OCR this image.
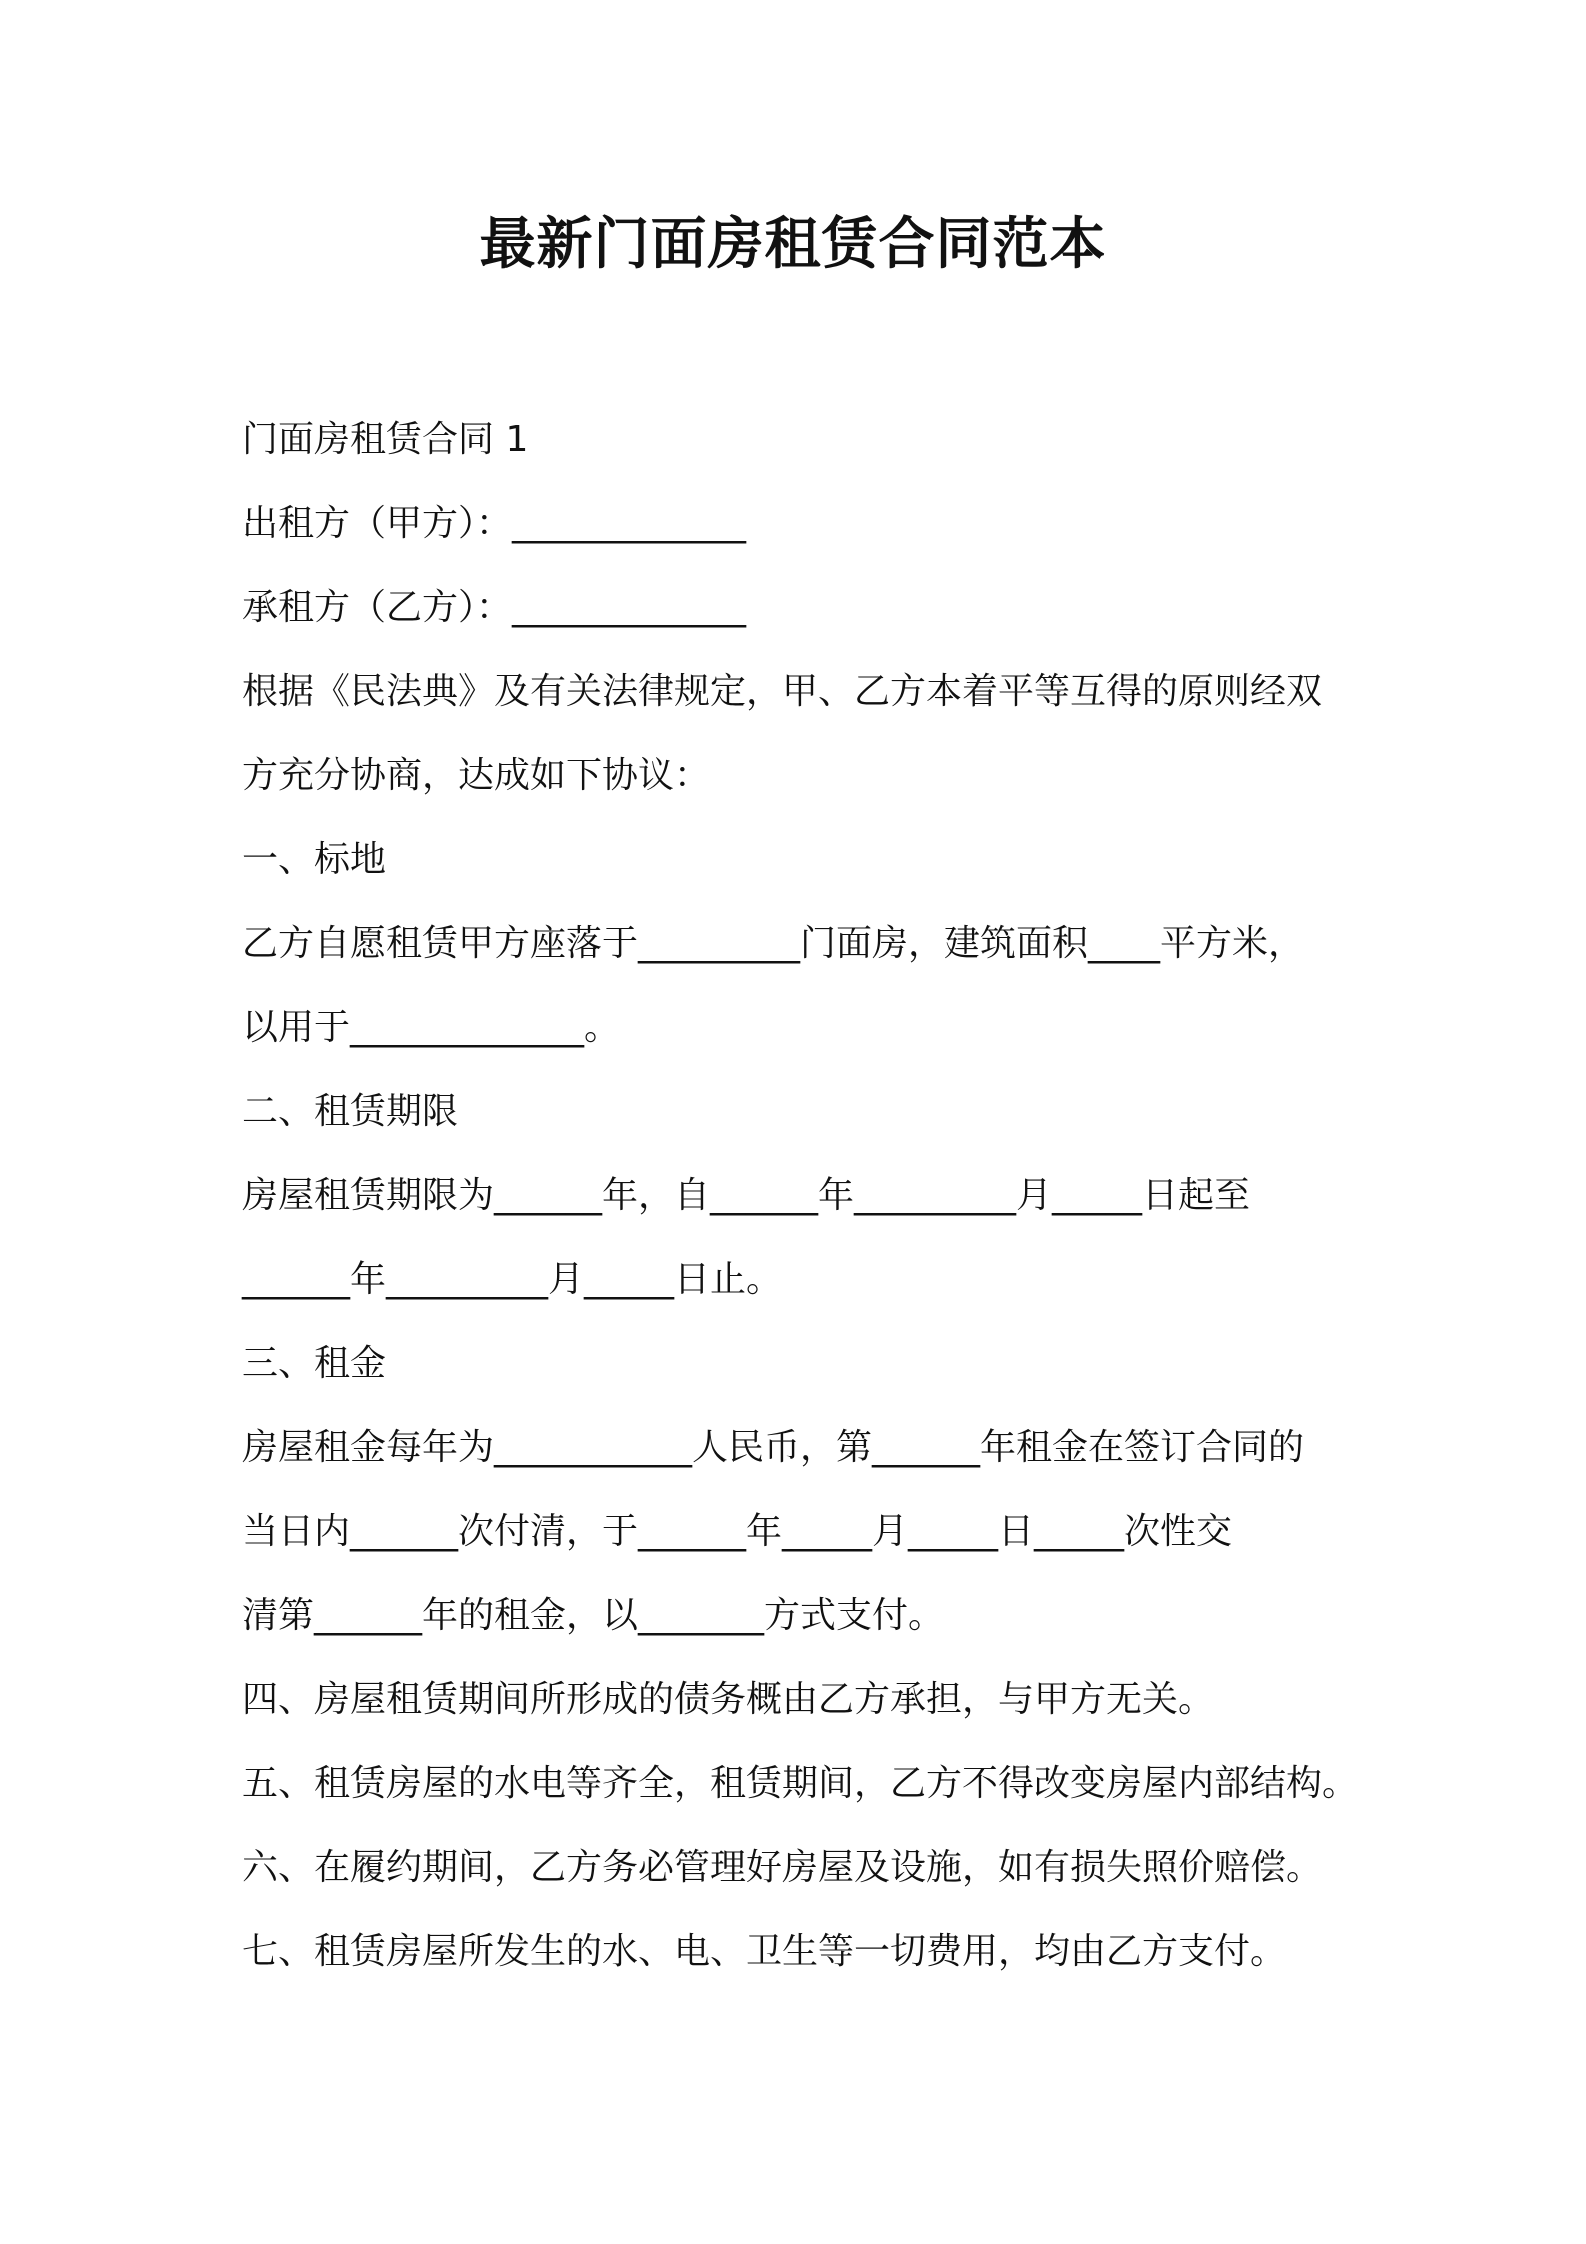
最新门面房租赁合同范本

门面房租赁合同 1

出租方（甲方）：_____________

承租方（乙方）：_____________

根据《民法典》及有关法律规定，甲、乙方本着平等互得的原则经双

方充分协商，达成如下协议：

一、标地

乙方自愿租赁甲方座落于_________门面房，建筑面积____平方米，

以用于_____________。

二、租赁期限

房屋租赁期限为______年，自______年_________月_____日起至

______年_________月_____日止。

三、租金

房屋租金每年为___________人民币，第______年租金在签订合同的

当日内______次付清，于______年_____月_____日_____次性交

清第______年的租金，以_______方式支付。

四、房屋租赁期间所形成的债务概由乙方承担，与甲方无关。

五、租赁房屋的水电等齐全，租赁期间，乙方不得改变房屋内部结构。

六、在履约期间，乙方务必管理好房屋及设施，如有损失照价赔偿。

七、租赁房屋所发生的水、电、卫生等一切费用，均由乙方支付。
